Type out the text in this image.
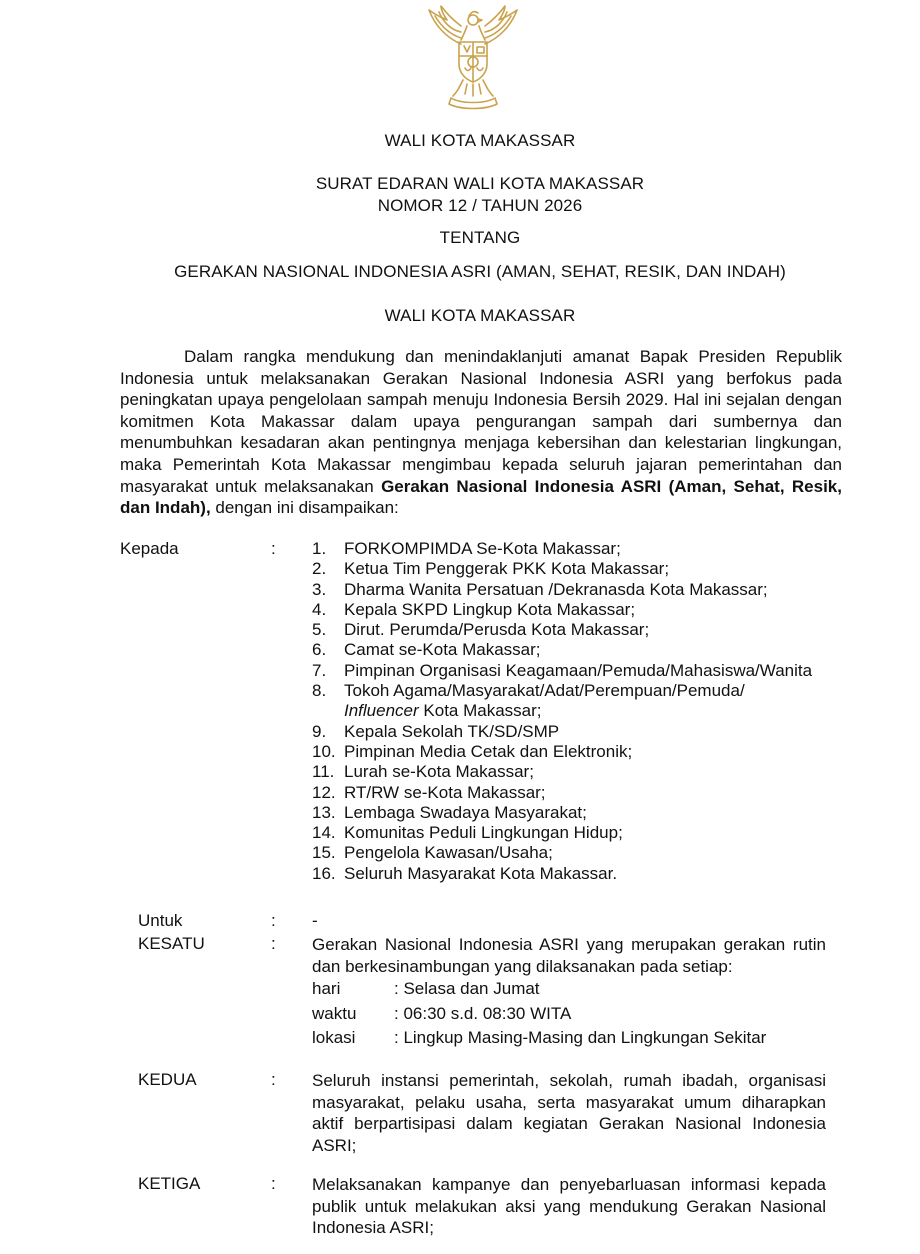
WALI KOTA MAKASSAR
SURAT EDARAN WALI KOTA MAKASSAR
NOMOR 12 / TAHUN 2026
TENTANG
GERAKAN NASIONAL INDONESIA ASRI (AMAN, SEHAT, RESIK, DAN INDAH)
WALI KOTA MAKASSAR
Dalam rangka mendukung dan menindaklanjuti amanat Bapak Presiden Republik Indonesia untuk melaksanakan Gerakan Nasional Indonesia ASRI yang berfokus pada peningkatan upaya pengelolaan sampah menuju Indonesia Bersih 2029. Hal ini sejalan dengan komitmen Kota Makassar dalam upaya pengurangan sampah dari sumbernya dan menumbuhkan kesadaran akan pentingnya menjaga kebersihan dan kelestarian lingkungan, maka Pemerintah Kota Makassar mengimbau kepada seluruh jajaran pemerintahan dan masyarakat untuk melaksanakan Gerakan Nasional Indonesia ASRI (Aman, Sehat, Resik, dan Indah), dengan ini disampaikan:
Kepada	: 1. FORKOMPIMDA Se-Kota Makassar;
2. Ketua Tim Penggerak PKK Kota Makassar;
3. Dharma Wanita Persatuan /Dekranasda Kota Makassar;
4. Kepala SKPD Lingkup Kota Makassar;
5. Dirut. Perumda/Perusda Kota Makassar;
6. Camat se-Kota Makassar;
7. Pimpinan Organisasi Keagamaan/Pemuda/Mahasiswa/Wanita
8. Tokoh Agama/Masyarakat/Adat/Perempuan/Pemuda/
Influencer Kota Makassar;
9. Kepala Sekolah TK/SD/SMP
10. Pimpinan Media Cetak dan Elektronik;
11. Lurah se-Kota Makassar;
12. RT/RW se-Kota Makassar;
13. Lembaga Swadaya Masyarakat;
14. Komunitas Peduli Lingkungan Hidup;
15. Pengelola Kawasan/Usaha;
16. Seluruh Masyarakat Kota Makassar.
Untuk	: -
KESATU	: Gerakan Nasional Indonesia ASRI yang merupakan gerakan rutin dan berkesinambungan yang dilaksanakan pada setiap:
hari	: Selasa dan Jumat
waktu : 06:30 s.d. 08:30 WITA
lokasi : Lingkup Masing-Masing dan Lingkungan Sekitar
KEDUA	: Seluruh instansi pemerintah, sekolah, rumah ibadah, organisasi masyarakat, pelaku usaha, serta masyarakat umum diharapkan aktif berpartisipasi dalam kegiatan Gerakan Nasional Indonesia ASRI;
KETIGA	: Melaksanakan kampanye dan penyebarluasan informasi kepada publik untuk melakukan aksi yang mendukung Gerakan Nasional Indonesia ASRI;
